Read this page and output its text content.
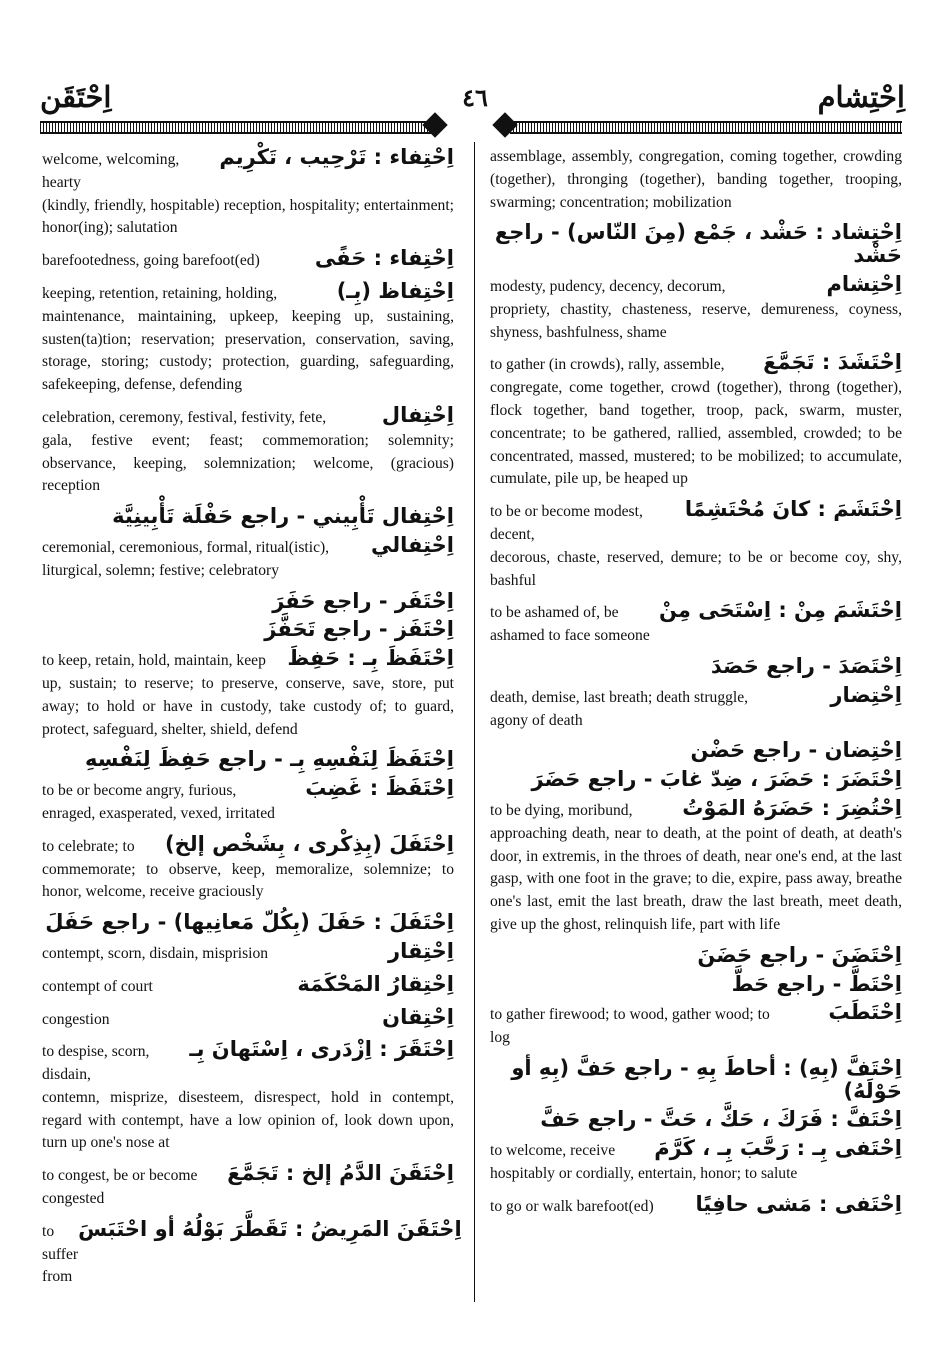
اِحْتَقَن	٤٦	اِحْتِشام
welcome, welcoming, hearty
اِحْتِفاء : تَرْحِيب ، تَكْرِيم
(kindly, friendly, hospitable) reception, hospitality; entertainment; honor(ing); salutation
barefootedness, going barefoot(ed)	اِحْتِفاء : حَفًى
keeping, retention, retaining, holding,	اِحْتِفاظ (بِـ)
maintenance, maintaining, upkeep, keeping up, sustaining, susten(ta)tion; reservation; preservation, conservation, saving, storage, storing; custody; protection, guarding, safeguarding, safekeeping, defense, defending
celebration, ceremony, festival, festivity, fete,	اِحْتِفال
gala, festive event; feast; commemoration; solemnity; observance, keeping, solemnization; welcome, (gracious) reception
اِحْتِفال تَأْبِيني - راجع حَفْلَة تَأْبِينِيَّة
ceremonial, ceremonious, formal, ritual(istic), اِحْتِفالي
liturgical, solemn; festive; celebratory
اِحْتَفَر - راجع حَفَرَ
اِحْتَفَز - راجع تَحَفَّزَ
to keep, retain, hold, maintain, keep اِحْتَفَظَ بِـ : حَفِظَ
up, sustain; to reserve; to preserve, conserve, save, store, put away; to hold or have in custody, take custody of; to guard, protect, safeguard, shelter, shield, defend
اِحْتَفَظَ لِنَفْسِهِ بِـ - راجع حَفِظَ لِنَفْسِهِ
to be or become angry, furious,	اِحْتَفَظَ : غَضِبَ
enraged, exasperated, vexed, irritated
to celebrate; to اِحْتَفَلَ (بِذِكْرى ، بِشَخْص إلخ)
commemorate; to observe, keep, memoralize, solemnize; to honor, welcome, receive graciously
اِحْتَفَلَ : حَفَلَ (بِكُلّ مَعانِيها) - راجع حَفَلَ
contempt, scorn, disdain, misprision	اِحْتِقار
contempt of court	اِحْتِقارُ المَحْكَمَة
congestion	اِحْتِقان
to despise, scorn, disdain,
اِحْتَقَرَ : اِزْدَرى ، اِسْتَهانَ بِـ
contemn, misprize, disesteem, disrespect, hold in contempt, regard with contempt, have a low opinion of, look down upon, turn up one's nose at
to congest, be or become اِحْتَقَنَ الدَّمُ إلخ : تَجَمَّعَ
congested
to suffer from
اِحْتَقَنَ المَرِيضُ : تَقَطَّرَ بَوْلُهُ أو احْتَبَسَ
assemblage, assembly, congregation, coming together, crowding (together), thronging (together), banding together, trooping, swarming; concentration; mobilization
اِحْتِشاد : حَشْد ، جَمْع (مِنَ النّاس) - راجع حَشْد
modesty, pudency, decency, decorum,	اِحْتِشام
propriety, chastity, chasteness, reserve, demureness, coyness, shyness, bashfulness, shame
to gather (in crowds), rally, assemble, اِحْتَشَدَ : تَجَمَّعَ
congregate, come together, crowd (together), throng (together), flock together, band together, troop, pack, swarm, muster, concentrate; to be gathered, rallied, assembled, crowded; to be concentrated, massed, mustered; to be mobilized; to accumulate, cumulate, pile up, be heaped up
to be or become modest, decent,
اِحْتَشَمَ : كانَ مُحْتَشِمًا
decorous, chaste, reserved, demure; to be or become coy, shy, bashful
to be ashamed of, be اِحْتَشَمَ مِنْ : اِسْتَحَى مِنْ
ashamed to face someone
اِحْتَصَدَ - راجع حَصَدَ
death, demise, last breath; death struggle,	اِحْتِضار
agony of death
اِحْتِضان - راجع حَضْن
اِحْتَضَرَ : حَضَرَ ، ضِدّ غابَ - راجع حَضَرَ
to be dying, moribund, اِحْتُضِرَ : حَضَرَهُ المَوْتُ
approaching death, near to death, at the point of death, at death's door, in extremis, in the throes of death, near one's end, at the last gasp, with one foot in the grave; to die, expire, pass away, breathe one's last, emit the last breath, draw the last breath, meet death, give up the ghost, relinquish life, part with life
اِحْتَضَنَ - راجع حَضَنَ
اِحْتَطَّ - راجع حَطَّ
to gather firewood; to wood, gather wood; to	اِحْتَطَبَ
log
اِحْتَفَّ (بِهِ) : أحاطَ بِهِ - راجع حَفَّ (بِهِ أو حَوْلَهُ)
اِحْتَفَّ : فَرَكَ ، حَكَّ ، حَتَّ - راجع حَفَّ
to welcome, receive اِحْتَفى بِـ : رَحَّبَ بِـ ، كَرَّمَ
hospitably or cordially, entertain, honor; to salute
to go or walk barefoot(ed) اِحْتَفى : مَشى حافِيًا
